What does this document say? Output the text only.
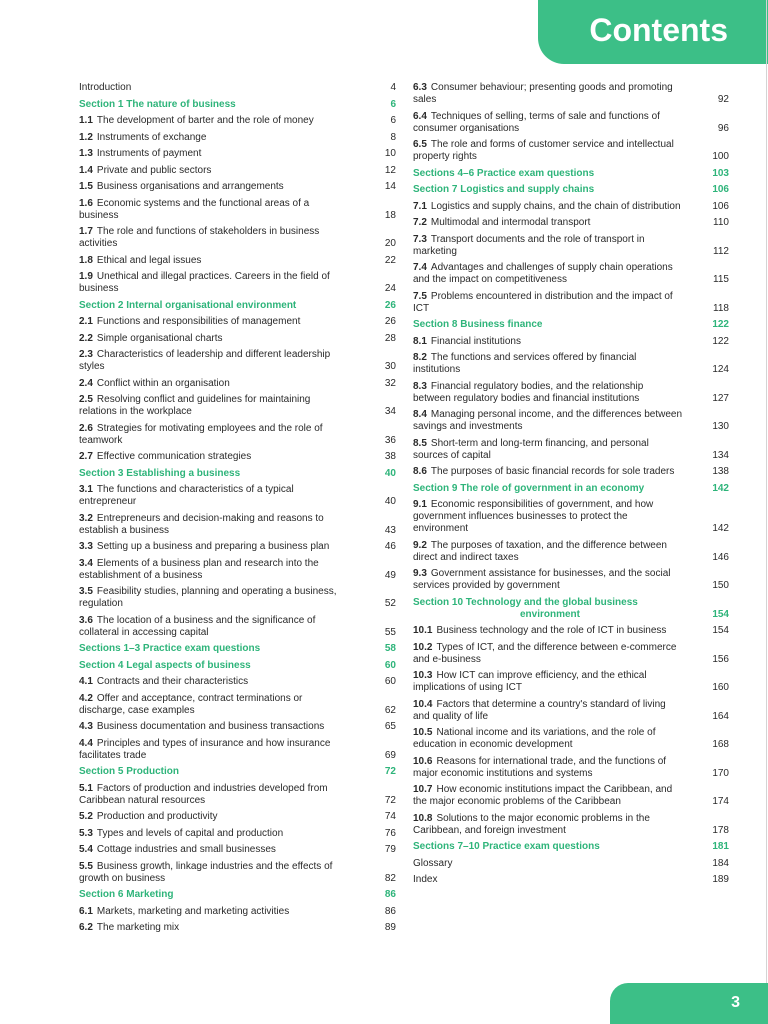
Contents
Introduction	4
Section 1 The nature of business	6
1.1 The development of barter and the role of money	6
1.2 Instruments of exchange	8
1.3 Instruments of payment	10
1.4 Private and public sectors	12
1.5 Business organisations and arrangements	14
1.6 Economic systems and the functional areas of a business	18
1.7 The role and functions of stakeholders in business activities	20
1.8 Ethical and legal issues	22
1.9 Unethical and illegal practices. Careers in the field of business	24
Section 2 Internal organisational environment	26
2.1 Functions and responsibilities of management	26
2.2 Simple organisational charts	28
2.3 Characteristics of leadership and different leadership styles	30
2.4 Conflict within an organisation	32
2.5 Resolving conflict and guidelines for maintaining relations in the workplace	34
2.6 Strategies for motivating employees and the role of teamwork	36
2.7 Effective communication strategies	38
Section 3 Establishing a business	40
3.1 The functions and characteristics of a typical entrepreneur	40
3.2 Entrepreneurs and decision-making and reasons to establish a business	43
3.3 Setting up a business and preparing a business plan	46
3.4 Elements of a business plan and research into the establishment of a business	49
3.5 Feasibility studies, planning and operating a business, regulation	52
3.6 The location of a business and the significance of collateral in accessing capital	55
Sections 1–3 Practice exam questions	58
Section 4 Legal aspects of business	60
4.1 Contracts and their characteristics	60
4.2 Offer and acceptance, contract terminations or discharge, case examples	62
4.3 Business documentation and business transactions	65
4.4 Principles and types of insurance and how insurance facilitates trade	69
Section 5 Production	72
5.1 Factors of production and industries developed from Caribbean natural resources	72
5.2 Production and productivity	74
5.3 Types and levels of capital and production	76
5.4 Cottage industries and small businesses	79
5.5 Business growth, linkage industries and the effects of growth on business	82
Section 6 Marketing	86
6.1 Markets, marketing and marketing activities	86
6.2 The marketing mix	89
6.3 Consumer behaviour; presenting goods and promoting sales	92
6.4 Techniques of selling, terms of sale and functions of consumer organisations	96
6.5 The role and forms of customer service and intellectual property rights	100
Sections 4–6 Practice exam questions	103
Section 7 Logistics and supply chains	106
7.1 Logistics and supply chains, and the chain of distribution	106
7.2 Multimodal and intermodal transport	110
7.3 Transport documents and the role of transport in marketing	112
7.4 Advantages and challenges of supply chain operations and the impact on competitiveness	115
7.5 Problems encountered in distribution and the impact of ICT	118
Section 8 Business finance	122
8.1 Financial institutions	122
8.2 The functions and services offered by financial institutions	124
8.3 Financial regulatory bodies, and the relationship between regulatory bodies and financial institutions	127
8.4 Managing personal income, and the differences between savings and investments	130
8.5 Short-term and long-term financing, and personal sources of capital	134
8.6 The purposes of basic financial records for sole traders	138
Section 9 The role of government in an economy	142
9.1 Economic responsibilities of government, and how government influences businesses to protect the environment	142
9.2 The purposes of taxation, and the difference between direct and indirect taxes	146
9.3 Government assistance for businesses, and the social services provided by government	150
Section 10 Technology and the global business
environment	154
10.1 Business technology and the role of ICT in business	154
10.2 Types of ICT, and the difference between e-commerce and e-business	156
10.3 How ICT can improve efficiency, and the ethical implications of using ICT	160
10.4 Factors that determine a country's standard of living and quality of life	164
10.5 National income and its variations, and the role of education in economic development	168
10.6 Reasons for international trade, and the functions of major economic institutions and systems	170
10.7 How economic institutions impact the Caribbean, and the major economic problems of the Caribbean	174
10.8 Solutions to the major economic problems in the Caribbean, and foreign investment	178
Sections 7–10 Practice exam questions	181
Glossary	184
Index	189
3
